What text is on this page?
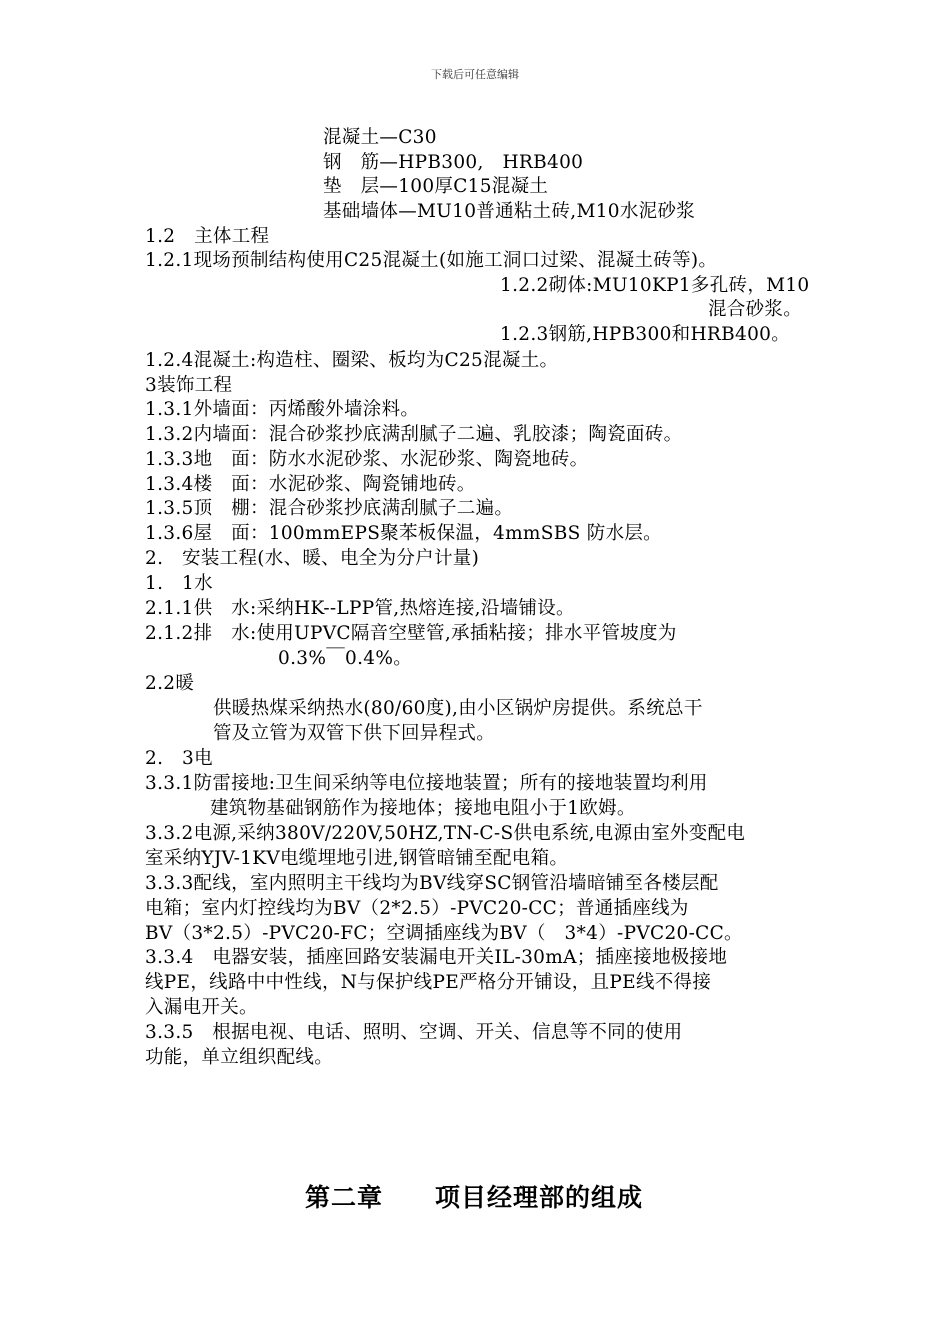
下载后可任意编辑
混凝土—C30
钢　筋—HPB300,　HRB400
垫　层—100厚C15混凝土
基础墙体—MU10普通粘土砖,M10水泥砂浆
1.2　主体工程
1.2.1现场预制结构使用C25混凝土(如施工洞口过梁、混凝土砖等)。
1.2.2砌体:MU10KP1多孔砖，M10
混合砂浆。
1.2.3钢筋,HPB300和HRB400。
1.2.4混凝土:构造柱、圈梁、板均为C25混凝土。
3装饰工程
1.3.1外墙面：丙烯酸外墙涂料。
1.3.2内墙面：混合砂浆抄底满刮腻子二遍、乳胶漆；陶瓷面砖。
1.3.3地　面：防水水泥砂浆、水泥砂浆、陶瓷地砖。
1.3.4楼　面：水泥砂浆、陶瓷铺地砖。
1.3.5顶　棚：混合砂浆抄底满刮腻子二遍。
1.3.6屋　面：100mmEPS聚苯板保温，4mmSBS 防水层。
2.　安装工程(水、暖、电全为分户计量)
1.　1水
2.1.1供　水:采纳HK--LPP管,热熔连接,沿墙铺设。
2.1.2排　水:使用UPVC隔音空壁管,承插粘接；排水平管坡度为
0.3%￣0.4%。
2.2暖
供暖热煤采纳热水(80/60度),由小区锅炉房提供。系统总干
管及立管为双管下供下回异程式。
2.　3电
3.3.1防雷接地:卫生间采纳等电位接地装置；所有的接地装置均利用
建筑物基础钢筋作为接地体；接地电阻小于1欧姆。
3.3.2电源,采纳380V/220V,50HZ,TN-C-S供电系统,电源由室外变配电
室采纳YJV-1KV电缆埋地引进,钢管暗铺至配电箱。
3.3.3配线，室内照明主干线均为BV线穿SC钢管沿墙暗铺至各楼层配
电箱；室内灯控线均为BV（2*2.5）-PVC20-CC；普通插座线为
BV（3*2.5）-PVC20-FC；空调插座线为BV（　3*4）-PVC20-CC。
3.3.4　电器安装，插座回路安装漏电开关IL-30mA；插座接地极接地
线PE，线路中中性线，N与保护线PE严格分开铺设，且PE线不得接
入漏电开关。
3.3.5　根据电视、电话、照明、空调、开关、信息等不同的使用
功能，单立组织配线。
第二章　　项目经理部的组成
